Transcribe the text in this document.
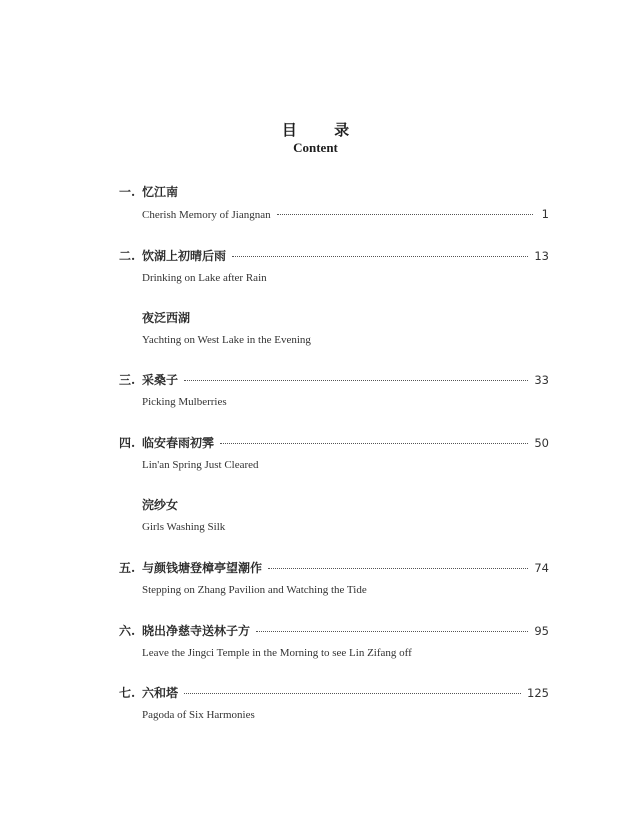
目 录
Content
一. 忆江南
Cherish Memory of Jiangnan	1
二. 饮湖上初晴后雨	13
Drinking on Lake after Rain
夜泛西湖
Yachting on West Lake in the Evening
三. 采桑子	33
Picking Mulberries
四. 临安春雨初霁	50
Lin'an Spring Just Cleared
浣纱女
Girls Washing Silk
五. 与颜钱塘登樟亭望潮作	74
Stepping on Zhang Pavilion and Watching the Tide
六. 晓出净慈寺送林子方	95
Leave the Jingci Temple in the Morning to see Lin Zifang off
七. 六和塔	125
Pagoda of Six Harmonies
